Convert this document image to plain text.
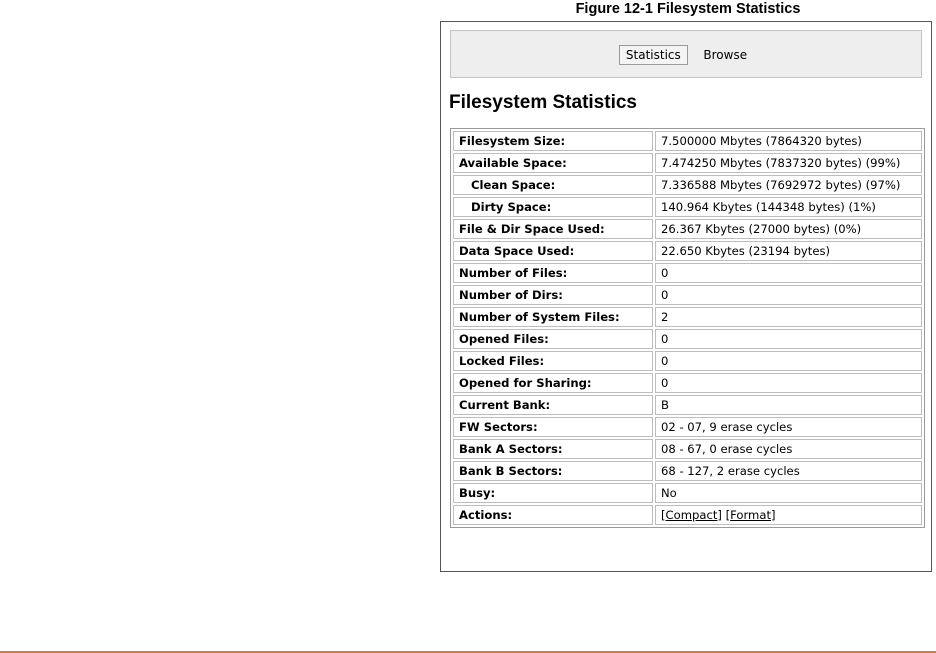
Figure 12-1 Filesystem Statistics
Statistics Browse
Filesystem Statistics
Filesystem Size:	7.500000 Mbytes (7864320 bytes)
Available Space:	7.474250 Mbytes (7837320 bytes) (99%)
Clean Space:	7.336588 Mbytes (7692972 bytes) (97%)
Dirty Space:	140.964 Kbytes (144348 bytes) (1%)
File & Dir Space Used:	26.367 Kbytes (27000 bytes) (0%)
Data Space Used:	22.650 Kbytes (23194 bytes)
Number of Files:	0
Number of Dirs:	0
Number of System Files:	2
Opened Files:	0
Locked Files:	0
Opened for Sharing:	0
Current Bank:	B
FW Sectors:	02 - 07, 9 erase cycles
Bank A Sectors:	08 - 67, 0 erase cycles
Bank B Sectors:	68 - 127, 2 erase cycles
Busy:	No
Actions:	[Compact] [Format]
